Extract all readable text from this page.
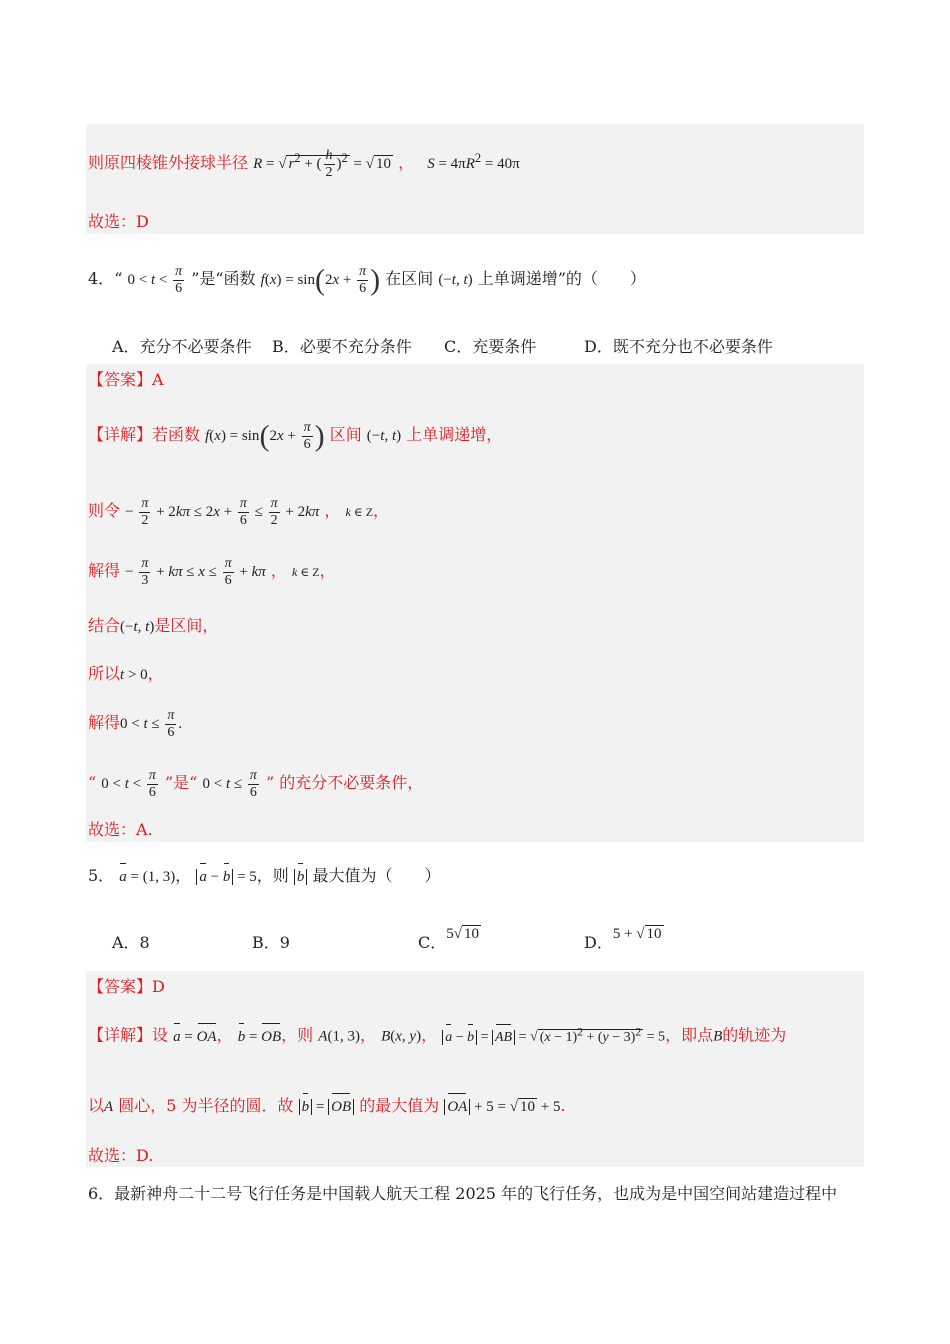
则原四棱锥外接球半径 R = √ $r^2$ + ( $\frac{h}{2} )^2$ = √ 10 ， $S = 4\pi R^2 = 40\pi$
故选：D
4．“ $0 < t < \frac{\pi}{6}$ ”是“函数 $f(x) = \sin(2x + \frac{\pi}{6}$ ) 在区间 (−t, t) 上单调递增”的（　　）
A．充分不必要条件 B．必要不充分条件 C．充要条件	D．既不充分也不必要条件
【答案】A
【详解】若函数 $f(x) = \sin(2x + \frac{\pi}{6}$ ) 区间 (−t, t) 上单调递增，
则令 − $\frac{\pi}{2} + 2k\pi \le 2x + \frac{\pi}{6} \le \frac{\pi}{2} + 2k\pi$ ， k ∈ Z，
解得 − $\frac{\pi}{3} + k\pi \le x \le \frac{\pi}{6} + k\pi$ ， k ∈ Z，
结合(−t, t)是区间，
所以t > 0，
解得$0 < t \le \frac{\pi}{6}$ .
“ $0 < t < \frac{\pi}{6}$ ”是“ $0 < t \le \frac{\pi}{6}$ ” 的充分不必要条件，
故选：A.
5． a = (1, 3)， a − b = 5，则 b 最大值为（　　）
A．8	B．9	C．5√ 10	D．5 + √ 10
【答案】D
【详解】设 a = OA， b = OB，则 A(1, 3)， B(x, y)， a − b = AB = √ $(x - 1)^2 + (y - 3)^2 = 5$，即点B的轨迹为
以A 圆心，5 为半径的圆．故 b = OB 的最大值为 OA + 5 = √ 10 + 5.
故选：D.
6．最新神舟二十二号飞行任务是中国载人航天工程 2025 年的飞行任务，也成为是中国空间站建造过程中
